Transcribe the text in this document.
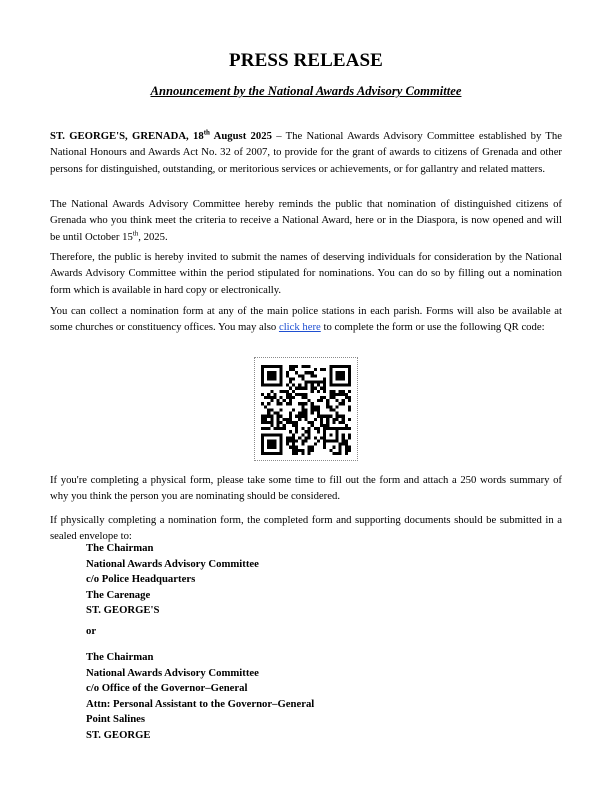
PRESS RELEASE
Announcement by the National Awards Advisory Committee

ST. GEORGE'S, GRENADA, 18th August 2025 – The National Awards Advisory Committee established by The National Honours and Awards Act No. 32 of 2007, to provide for the grant of awards to citizens of Grenada and other persons for distinguished, outstanding, or meritorious services or achievements, or for gallantry and related matters.

The National Awards Advisory Committee hereby reminds the public that nomination of distinguished citizens of Grenada who you think meet the criteria to receive a National Award, here or in the Diaspora, is now opened and will be until October 15th, 2025.

Therefore, the public is hereby invited to submit the names of deserving individuals for consideration by the National Awards Advisory Committee within the period stipulated for nominations. You can do so by filling out a nomination form which is available in hard copy or electronically.

You can collect a nomination form at any of the main police stations in each parish. Forms will also be available at some churches or constituency offices. You may also click here to complete the form or use the following QR code:

If you're completing a physical form, please take some time to fill out the form and attach a 250 words summary of why you think the person you are nominating should be considered.

If physically completing a nomination form, the completed form and supporting documents should be submitted in a sealed envelope to:

The Chairman
National Awards Advisory Committee
c/o Police Headquarters
The Carenage
ST. GEORGE'S
or
The Chairman
National Awards Advisory Committee
c/o Office of the Governor–General
Attn: Personal Assistant to the Governor–General
Point Salines
ST. GEORGE
